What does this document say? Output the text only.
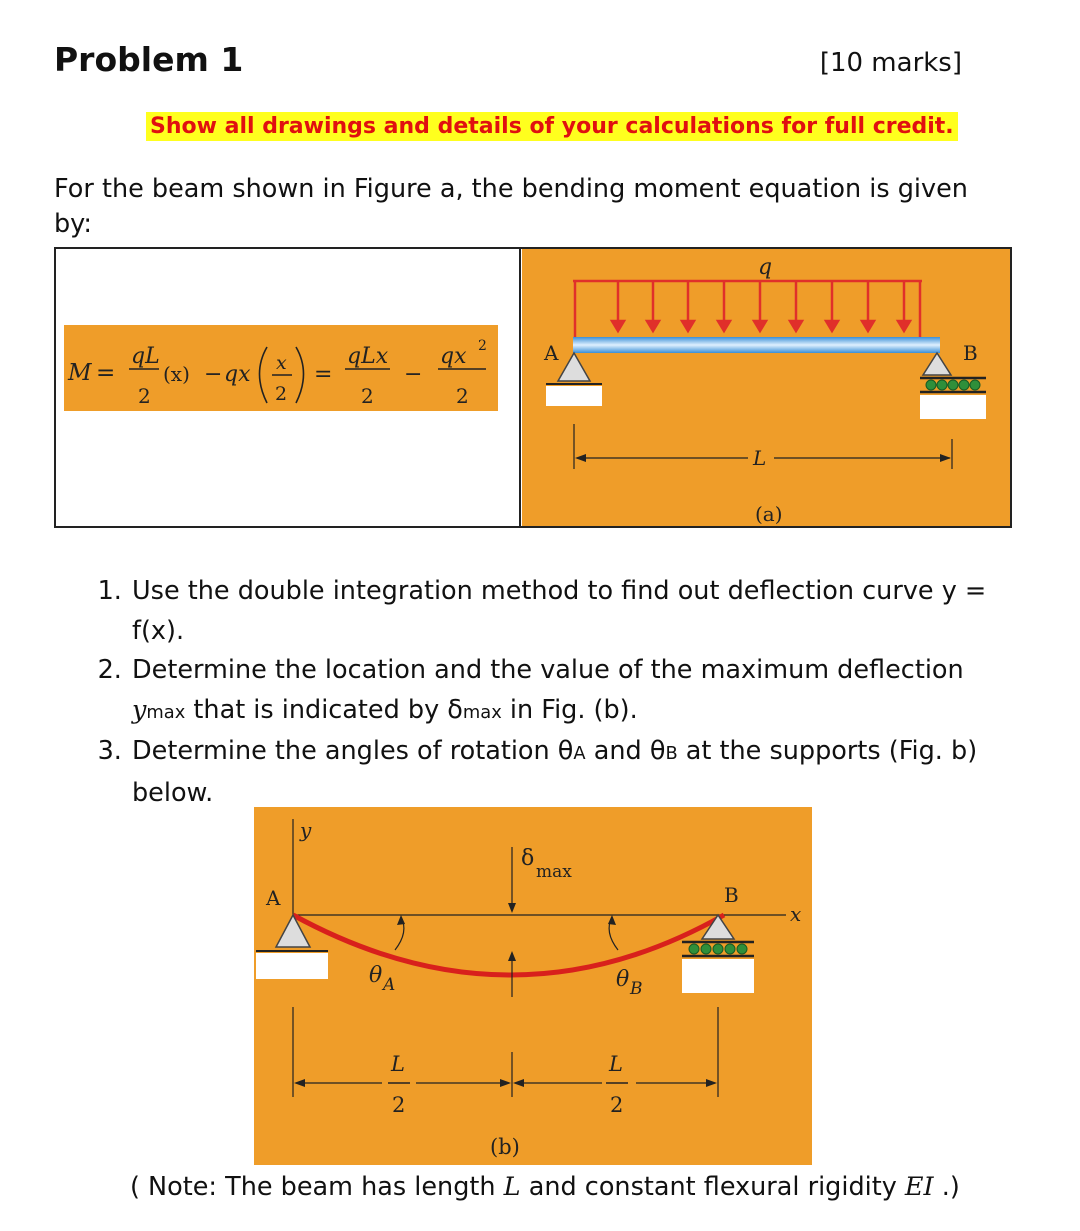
Problem 1	[10 marks]
Show all drawings and details of your calculations for full credit.
For the beam shown in Figure a, the bending moment equation is given by:
M =
qL
2
(x) − qx x
2
=
qLx
2
−
qx 2
2
q
A	B
L
(a)
1. Use the double integration method to find out deflection curve y = f(x).
2. Determine the location and the value of the maximum deflection ymax that is indicated by δmax in Fig. (b).
3. Determine the angles of rotation θA and θB at the supports (Fig. b) below.
y
A	B
x
δ
max
θ A	θ B
L
2
L
2
(b)
( Note: The beam has length L and constant flexural rigidity EI .)
